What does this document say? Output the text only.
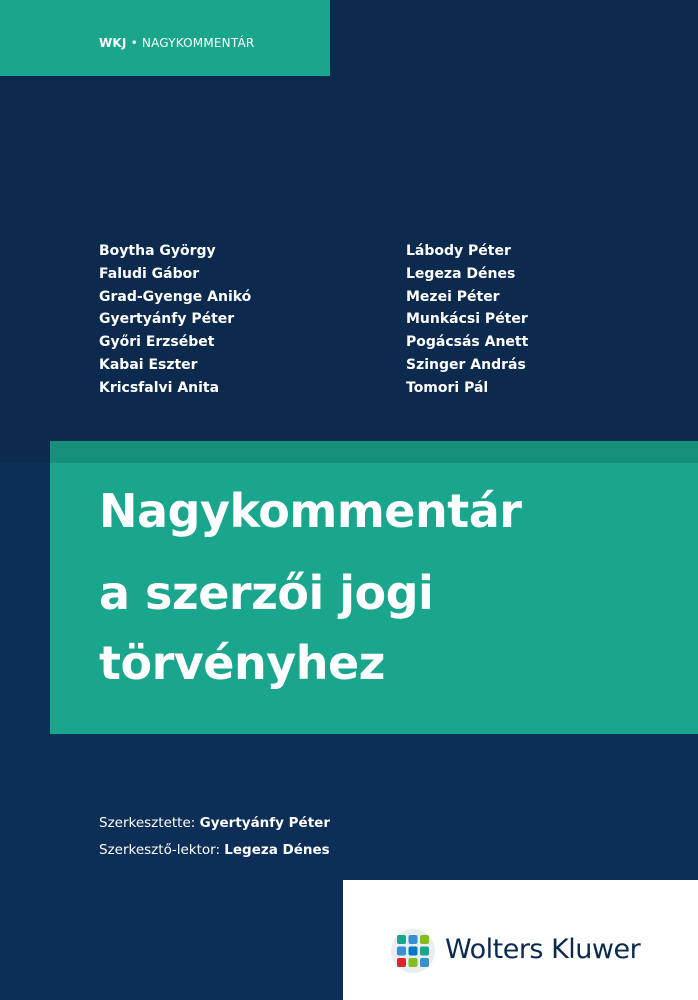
WKJ • NAGYKOMMENTÁR
Boytha György
Faludi Gábor
Grad-Gyenge Anikó
Gyertyánfy Péter
Győri Erzsébet
Kabai Eszter
Kricsfalvi Anita
Lábody Péter
Legeza Dénes
Mezei Péter
Munkácsi Péter
Pogácsás Anett
Szinger András
Tomori Pál
Nagykommentár
a szerzői jogi
törvényhez
Szerkesztette: Gyertyánfy Péter
Szerkesztő-lektor: Legeza Dénes
Wolters Kluwer
